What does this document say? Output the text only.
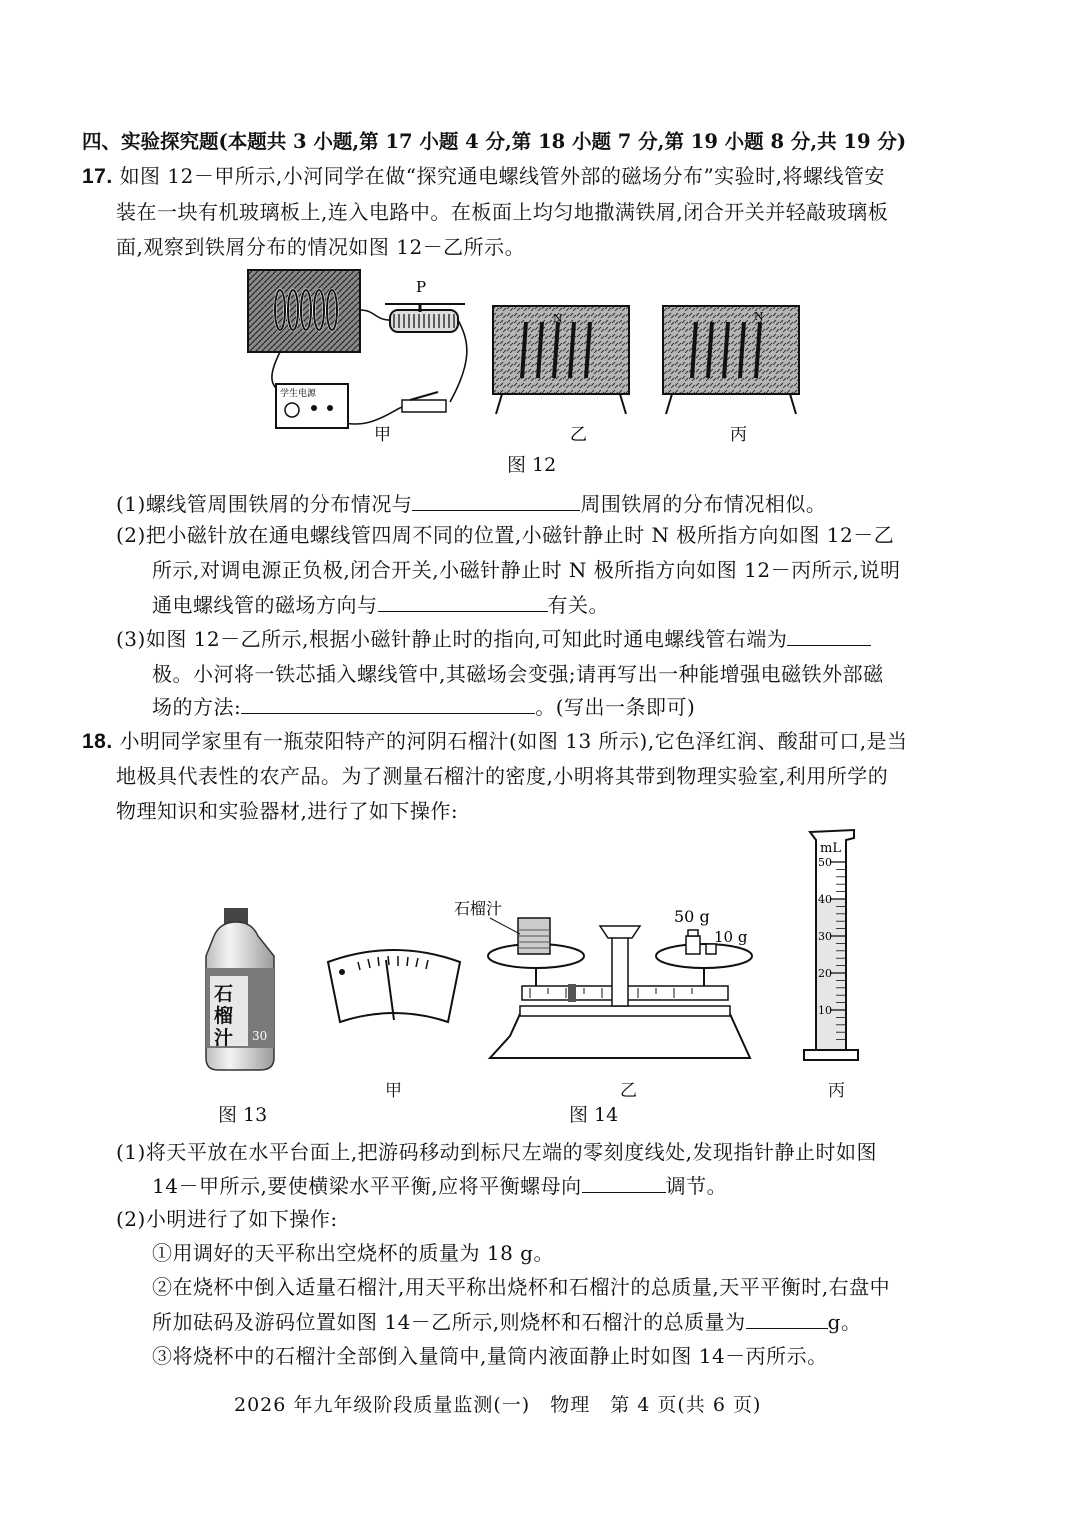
四、实验探究题(本题共 3 小题,第 17 小题 4 分,第 18 小题 7 分,第 19 小题 8 分,共 19 分)
17. 如图 12－甲所示,小河同学在做“探究通电螺线管外部的磁场分布”实验时,将螺线管安
装在一块有机玻璃板上,连入电路中。在板面上均匀地撒满铁屑,闭合开关并轻敲玻璃板
面,观察到铁屑分布的情况如图 12－乙所示。
P
学生电源
甲
N
乙
N
丙
图 12
(1)螺线管周围铁屑的分布情况与	周围铁屑的分布情况相似。
(2)把小磁针放在通电螺线管四周不同的位置,小磁针静止时 N 极所指方向如图 12－乙
所示,对调电源正负极,闭合开关,小磁针静止时 N 极所指方向如图 12－丙所示,说明
通电螺线管的磁场方向与	有关。
(3)如图 12－乙所示,根据小磁针静止时的指向,可知此时通电螺线管右端为
极。小河将一铁芯插入螺线管中,其磁场会变强;请再写出一种能增强电磁铁外部磁
场的方法:	。(写出一条即可)
18. 小明同学家里有一瓶荥阳特产的河阴石榴汁(如图 13 所示),它色泽红润、酸甜可口,是当
地极具代表性的农产品。为了测量石榴汁的密度,小明将其带到物理实验室,利用所学的
物理知识和实验器材,进行了如下操作:
石
榴
汁 30
石榴汁	50 g
10 g
mL
50
40
30
20
10
甲	乙	丙
图 13	图 14
(1)将天平放在水平台面上,把游码移动到标尺左端的零刻度线处,发现指针静止时如图
14－甲所示,要使横梁水平平衡,应将平衡螺母向	调节。
(2)小明进行了如下操作:
①用调好的天平称出空烧杯的质量为 18 g。
②在烧杯中倒入适量石榴汁,用天平称出烧杯和石榴汁的总质量,天平平衡时,右盘中
所加砝码及游码位置如图 14－乙所示,则烧杯和石榴汁的总质量为	g。
③将烧杯中的石榴汁全部倒入量筒中,量筒内液面静止时如图 14－丙所示。
2026 年九年级阶段质量监测(一)　物理　第 4 页(共 6 页)
